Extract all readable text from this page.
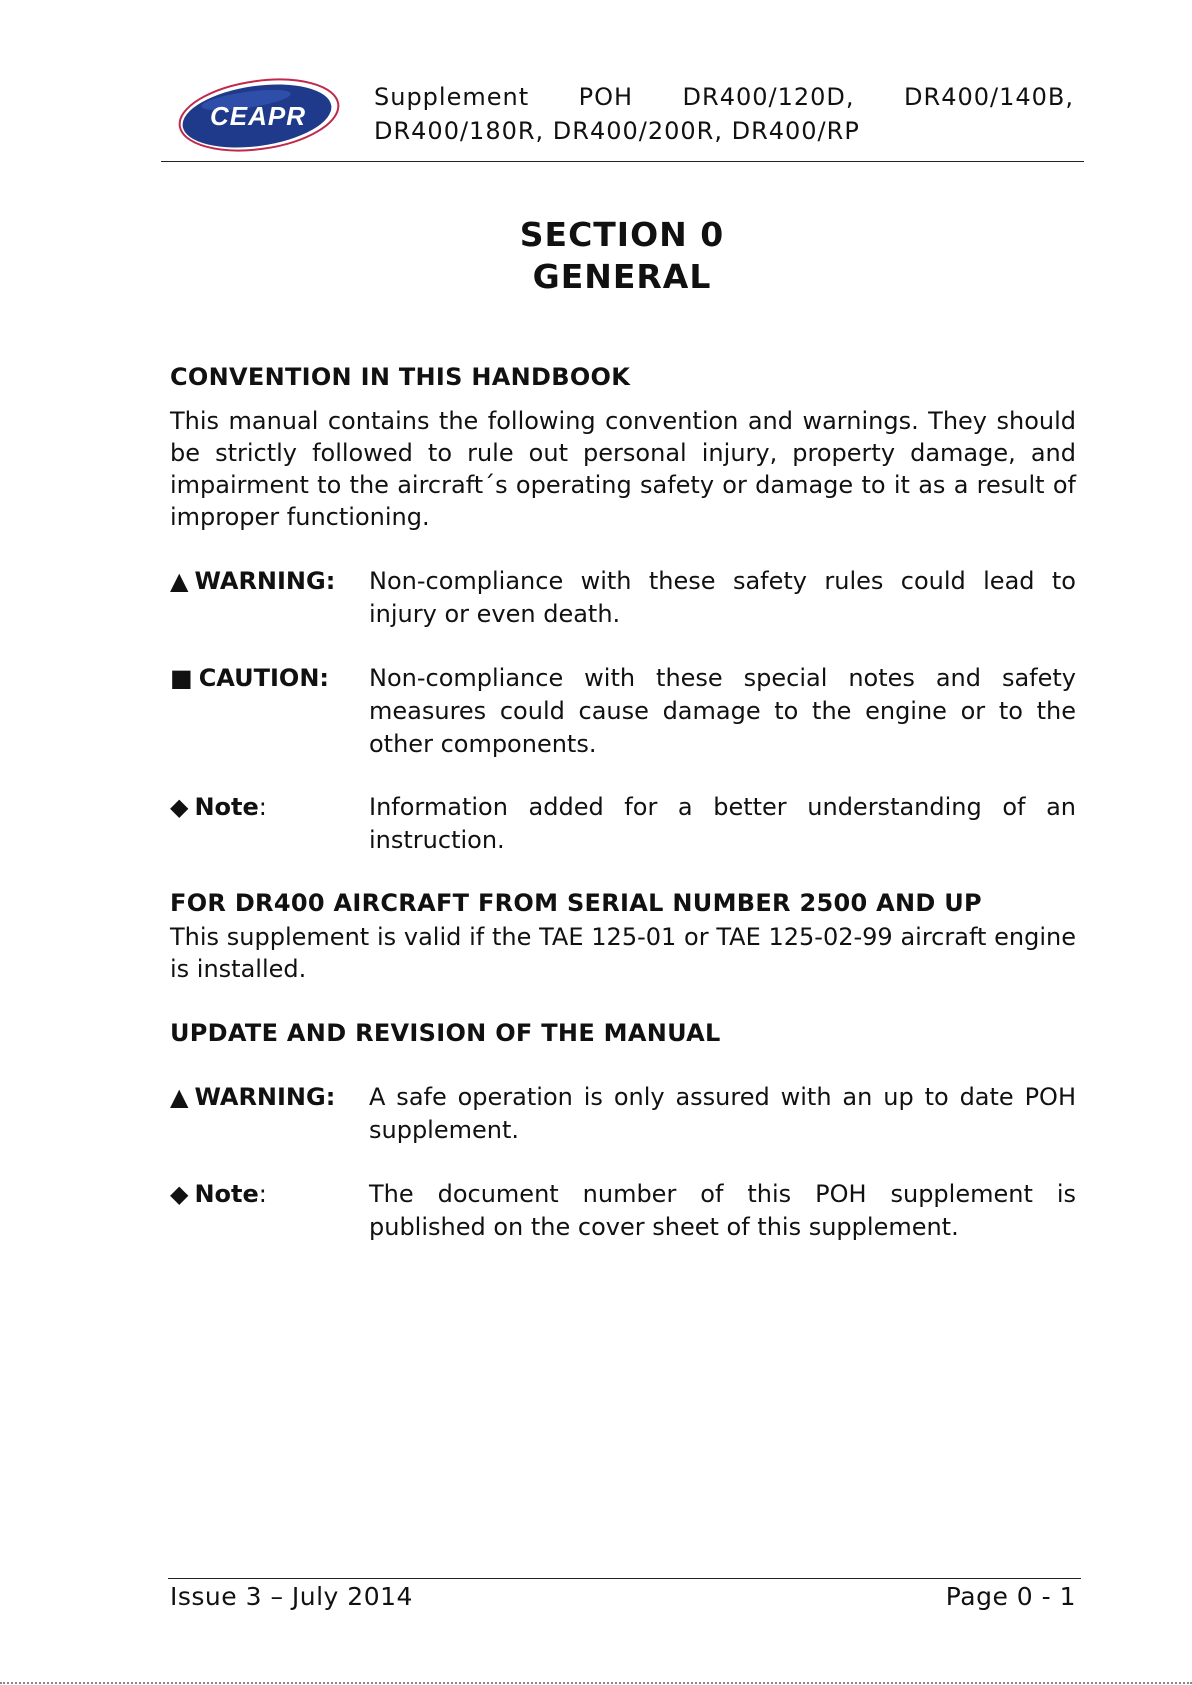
CEAPR
Supplement POH DR400/120D, DR400/140B,
DR400/180R, DR400/200R, DR400/RP
SECTION 0
GENERAL
CONVENTION IN THIS HANDBOOK
This manual contains the following convention and warnings. They should be strictly followed to rule out personal injury, property damage, and impairment to the aircraft´s operating safety or damage to it as a result of improper functioning.
▲ WARNING: Non-compliance with these safety rules could lead to injury or even death.
■ CAUTION: Non-compliance with these special notes and safety measures could cause damage to the engine or to the other components.
◆ Note:	Information added for a better understanding of an instruction.
FOR DR400 AIRCRAFT FROM SERIAL NUMBER 2500 AND UP
This supplement is valid if the TAE 125-01 or TAE 125-02-99 aircraft engine is installed.
UPDATE AND REVISION OF THE MANUAL
▲ WARNING: A safe operation is only assured with an up to date POH supplement.
◆ Note:	The document number of this POH supplement is published on the cover sheet of this supplement.
Issue 3 – July 2014	Page 0 - 1
